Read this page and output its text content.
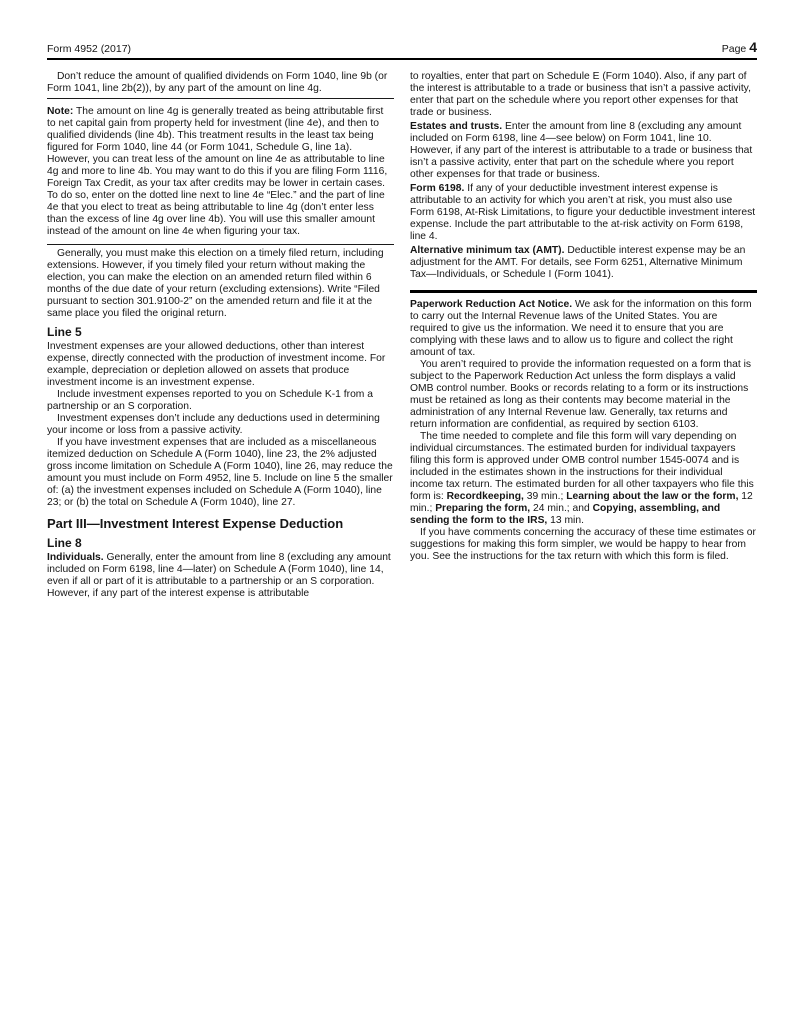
Form 4952 (2017)	Page 4

Don’t reduce the amount of qualified dividends on Form 1040, line 9b (or Form 1041, line 2b(2)), by any part of the amount on line 4g.

Note: The amount on line 4g is generally treated as being attributable first to net capital gain from property held for investment (line 4e), and then to qualified dividends (line 4b). This treatment results in the least tax being figured for Form 1040, line 44 (or Form 1041, Schedule G, line 1a). However, you can treat less of the amount on line 4e as attributable to line 4g and more to line 4b. You may want to do this if you are filing Form 1116, Foreign Tax Credit, as your tax after credits may be lower in certain cases. To do so, enter on the dotted line next to line 4e “Elec.” and the part of line 4e that you elect to treat as being attributable to line 4g (don’t enter less than the excess of line 4g over line 4b). You will use this smaller amount instead of the amount on line 4e when figuring your tax.

Generally, you must make this election on a timely filed return, including extensions. However, if you timely filed your return without making the election, you can make the election on an amended return filed within 6 months of the due date of your return (excluding extensions). Write “Filed pursuant to section 301.9100-2” on the amended return and file it at the same place you filed the original return.

Line 5

Investment expenses are your allowed deductions, other than interest expense, directly connected with the production of investment income. For example, depreciation or depletion allowed on assets that produce investment income is an investment expense.

Include investment expenses reported to you on Schedule K-1 from a partnership or an S corporation.

Investment expenses don’t include any deductions used in determining your income or loss from a passive activity.

If you have investment expenses that are included as a miscellaneous itemized deduction on Schedule A (Form 1040), line 23, the 2% adjusted gross income limitation on Schedule A (Form 1040), line 26, may reduce the amount you must include on Form 4952, line 5. Include on line 5 the smaller of: (a) the investment expenses included on Schedule A (Form 1040), line 23; or (b) the total on Schedule A (Form 1040), line 27.

Part III—Investment Interest Expense Deduction
Line 8

Individuals. Generally, enter the amount from line 8 (excluding any amount included on Form 6198, line 4—later) on Schedule A (Form 1040), line 14, even if all or part of it is attributable to a partnership or an S corporation. However, if any part of the interest expense is attributable

to royalties, enter that part on Schedule E (Form 1040). Also, if any part of the interest is attributable to a trade or business that isn’t a passive activity, enter that part on the schedule where you report other expenses for that trade or business.

Estates and trusts. Enter the amount from line 8 (excluding any amount included on Form 6198, line 4—see below) on Form 1041, line 10. However, if any part of the interest is attributable to a trade or business that isn’t a passive activity, enter that part on the schedule where you report other expenses for that trade or business.

Form 6198. If any of your deductible investment interest expense is attributable to an activity for which you aren’t at risk, you must also use Form 6198, At-Risk Limitations, to figure your deductible investment interest expense. Include the part attributable to the at-risk activity on Form 6198, line 4.

Alternative minimum tax (AMT). Deductible interest expense may be an adjustment for the AMT. For details, see Form 6251, Alternative Minimum Tax—Individuals, or Schedule I (Form 1041).

Paperwork Reduction Act Notice. We ask for the information on this form to carry out the Internal Revenue laws of the United States. You are required to give us the information. We need it to ensure that you are complying with these laws and to allow us to figure and collect the right amount of tax.

You aren’t required to provide the information requested on a form that is subject to the Paperwork Reduction Act unless the form displays a valid OMB control number. Books or records relating to a form or its instructions must be retained as long as their contents may become material in the administration of any Internal Revenue law. Generally, tax returns and return information are confidential, as required by section 6103.

The time needed to complete and file this form will vary depending on individual circumstances. The estimated burden for individual taxpayers filing this form is approved under OMB control number 1545-0074 and is included in the estimates shown in the instructions for their individual income tax return. The estimated burden for all other taxpayers who file this form is: Recordkeeping, 39 min.; Learning about the law or the form, 12 min.; Preparing the form, 24 min.; and Copying, assembling, and sending the form to the IRS, 13 min.

If you have comments concerning the accuracy of these time estimates or suggestions for making this form simpler, we would be happy to hear from you. See the instructions for the tax return with which this form is filed.
